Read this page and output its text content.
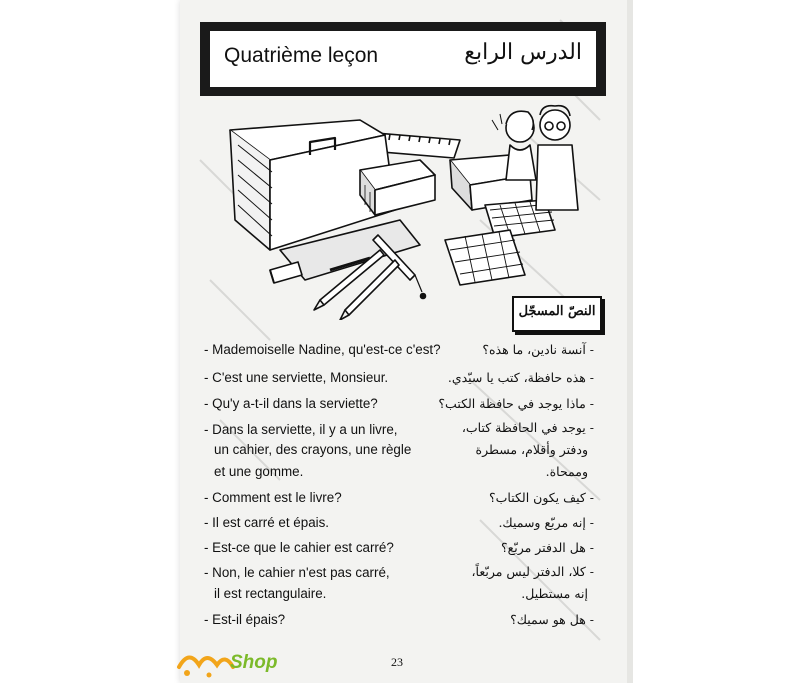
Quatrième leçon	الدرس الرابع
النصّ المسجّل
- Mademoiselle Nadine, qu'est-ce c'est?
- C'est une serviette, Monsieur.
- Qu'y a-t-il dans la serviette?
- Dans la serviette, il y a un livre,
un cahier, des crayons, une règle
et une gomme.
- Comment est le livre?
- Il est carré et épais.
- Est-ce que le cahier est carré?
- Non, le cahier n'est pas carré,
il est rectangulaire.
- Est-il épais?
- آنسة نادين، ما هذه؟
- هذه حافظة، كتب يا سيّدي.
- ماذا يوجد في حافظة الكتب؟
- يوجد في الحافظة كتاب،
ودفتر وأقلام، مسطرة
وممحاة.
- كيف يكون الكتاب؟
- إنه مربّع وسميك.
- هل الدفتر مربّع؟
- كلا، الدفتر ليس مربّعاً،
إنه مستطيل.
- هل هو سميك؟
23
Shop
